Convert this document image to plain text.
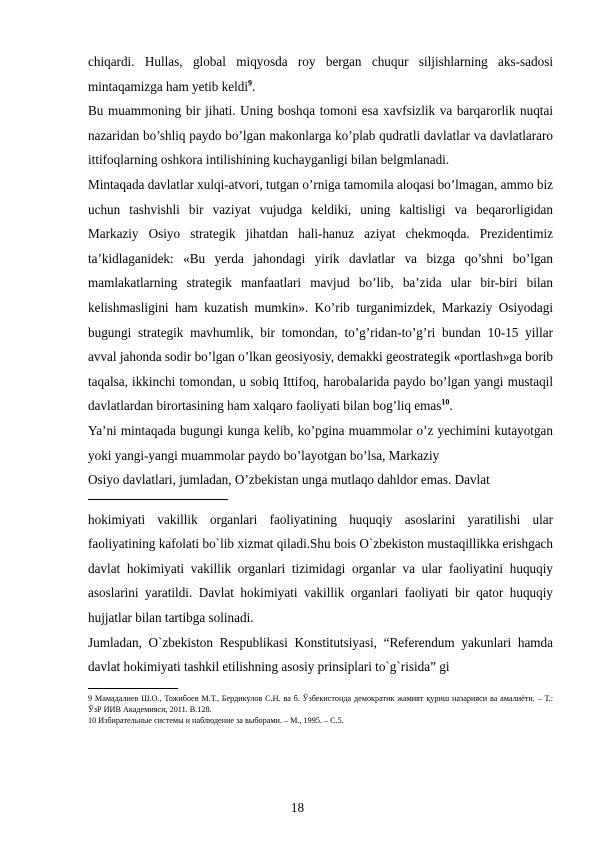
chiqardi. Hullas, global miqyosda roy bergan chuqur siljishlarning aks-sadosi mintaqamizga ham yetib keldi$^9$.

Bu muammoning bir jihati. Uning boshqa tomoni esa xavfsizlik va barqarorlik nuqtai nazaridan bo’shliq paydo bo’lgan makonlarga ko’plab qudratli davlatlar va davlatlararo ittifoqlarning oshkora intilishining kuchayganligi bilan belgmlanadi.

Mintaqada davlatlar xulqi-atvori, tutgan o’rniga tamomila aloqasi bo’lmagan, ammo biz uchun tashvishli bir vaziyat vujudga keldiki, uning kaltisligi va beqarorligidan Markaziy Osiyo strategik jihatdan hali-hanuz aziyat chekmoqda. Prezidentimiz ta’kidlaganidek: «Bu yerda jahondagi yirik davlatlar va bizga qo’shni bo’lgan mamlakatlarning strategik manfaatlari mavjud bo’lib, ba’zida ular bir-biri bilan kelishmasligini ham kuzatish mumkin». Ko’rib turganimizdek, Markaziy Osiyodagi bugungi strategik mavhumlik, bir tomondan, to’g’ridan-to’g’ri bundan 10-15 yillar avval jahonda sodir bo’lgan o’lkan geosiyosiy, demakki geostrategik «portlash»ga borib taqalsa, ikkinchi tomondan, u sobiq Ittifoq, harobalarida paydo bo’lgan yangi mustaqil davlatlardan birortasining ham xalqaro faoliyati bilan bog’liq emas$^{10}$.

Ya’ni mintaqada bugungi kunga kelib, ko’pgina muammolar o’z yechimini kutayotgan yoki yangi-yangi muammolar paydo bo’layotgan bo’lsa, Markaziy

Osiyo davlatlari, jumladan, O’zbekistan unga mutlaqo dahldor emas. Davlat

hokimiyati vakillik organlari faoliyatining huquqiy asoslarini yaratilishi ular faoliyatining kafolati bo`lib xizmat qiladi.Shu bois O`zbekiston mustaqillikka erishgach davlat hokimiyati vakillik organlari tizimidagi organlar va ular faoliyatini huquqiy asoslarini yaratildi. Davlat hokimiyati vakillik organlari faoliyati bir qator huquqiy hujjatlar bilan tartibga solinadi.

Jumladan, O`zbekiston Respublikasi Konstitutsiyasi, “Referendum yakunlari hamda davlat hokimiyati tashkil etilishning asosiy prinsiplari to`g`risida” gi

9 Мамадалиев Ш.О., Тожибоев М.Т., Бердикулов С.Н. ва б. Ўзбекистонда демократик жамият қуриш назарияси ва амалиёти. – Т.: ЎзР ИИВ Академияси, 2011. В.128.

10 Избирательные системы и наблюдение за выборами. – М., 1995. – С.5.

18
